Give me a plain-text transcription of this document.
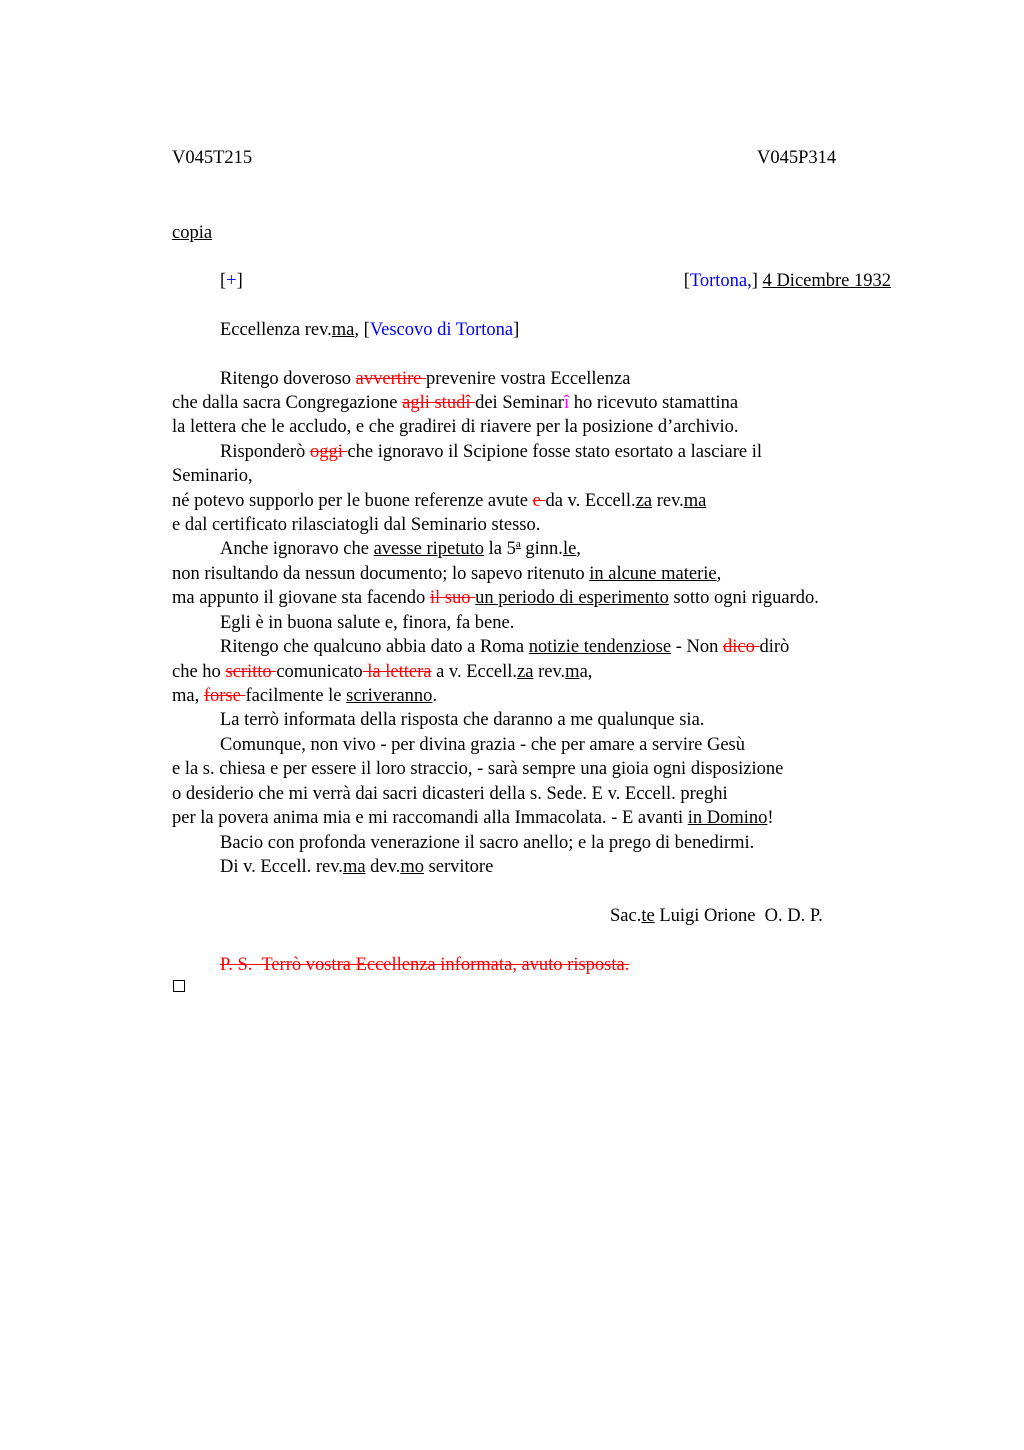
V045T215	V045P314
copia
[+]	[Tortona,] 4 Dicembre 1932
Eccellenza rev.ma, [Vescovo di Tortona]
Ritengo doveroso avvertire prevenire vostra Eccellenza
che dalla sacra Congregazione agli studî dei Seminarî ho ricevuto stamattina
la lettera che le accludo, e che gradirei di riavere per la posizione d’archivio.
Risponderò oggi che ignoravo il Scipione fosse stato esortato a lasciare il
Seminario,
né potevo supporlo per le buone referenze avute e da v. Eccell.za rev.ma
e dal certificato rilasciatogli dal Seminario stesso.
Anche ignoravo che avesse ripetuto la 5$^a$ ginn.le,
non risultando da nessun documento; lo sapevo ritenuto in alcune materie,
ma appunto il giovane sta facendo il suo un periodo di esperimento sotto ogni riguardo.
Egli è in buona salute e, finora, fa bene.
Ritengo che qualcuno abbia dato a Roma notizie tendenziose - Non dico dirò
che ho scritto comunicato la lettera a v. Eccell.za rev.ma,
ma, forse facilmente le scriveranno.
La terrò informata della risposta che daranno a me qualunque sia.
Comunque, non vivo - per divina grazia - che per amare a servire Gesù
e la s. chiesa e per essere il loro straccio, - sarà sempre una gioia ogni disposizione
o desiderio che mi verrà dai sacri dicasteri della s. Sede. E v. Eccell. preghi
per la povera anima mia e mi raccomandi alla Immacolata. - E avanti in Domino!
Bacio con profonda venerazione il sacro anello; e la prego di benedirmi.
Di v. Eccell. rev.ma dev.mo servitore
Sac.te Luigi Orione  O. D. P.
P. S.  Terrò vostra Eccellenza informata, avuto risposta.
